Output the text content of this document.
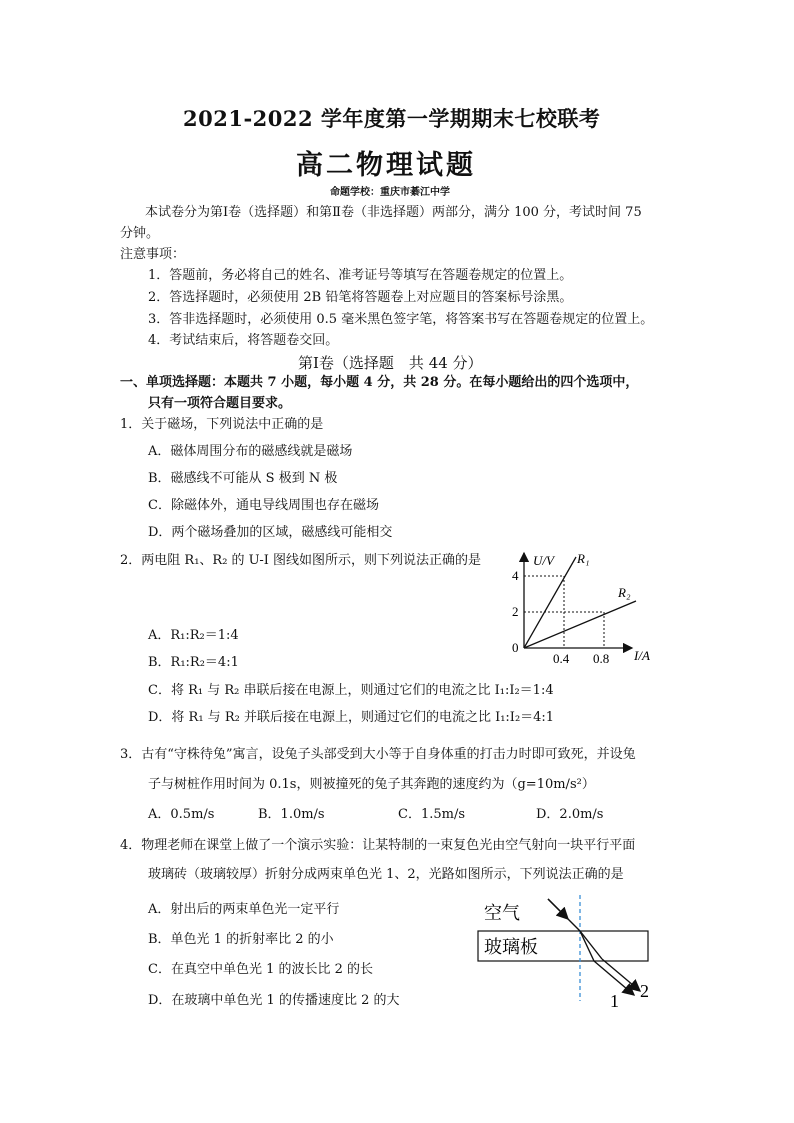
2021-2022 学年度第一学期期末七校联考
高二物理试题
命题学校：重庆市綦江中学
本试卷分为第Ⅰ卷（选择题）和第Ⅱ卷（非选择题）两部分，满分 100 分，考试时间 75
分钟。
注意事项：
1．答题前，务必将自己的姓名、准考证号等填写在答题卷规定的位置上。
2．答选择题时，必须使用 2B 铅笔将答题卷上对应题目的答案标号涂黑。
3．答非选择题时，必须使用 0.5 毫米黑色签字笔，将答案书写在答题卷规定的位置上。
4．考试结束后，将答题卷交回。
第Ⅰ卷（选择题　共 44 分）
一、单项选择题：本题共 7 小题，每小题 4 分，共 28 分。在每小题给出的四个选项中，
只有一项符合题目要求。
1．关于磁场，下列说法中正确的是
A．磁体周围分布的磁感线就是磁场
B．磁感线不可能从 S 极到 N 极
C．除磁体外，通电导线周围也存在磁场
D．两个磁场叠加的区域，磁感线可能相交
2．两电阻 R₁、R₂ 的 U-I 图线如图所示，则下列说法正确的是
A．R₁:R₂＝1:4
B．R₁:R₂＝4:1
C．将 R₁ 与 R₂ 串联后接在电源上，则通过它们的电流之比 I₁:I₂＝1:4
D．将 R₁ 与 R₂ 并联后接在电源上，则通过它们的电流之比 I₁:I₂＝4:1
U/V
I/A
0
4
2
0.4 0.8
R₁
R₂
3．古有“守株待兔”寓言，设兔子头部受到大小等于自身体重的打击力时即可致死，并设兔
子与树桩作用时间为 0.1s，则被撞死的兔子其奔跑的速度约为（g=10m/s²）
A．0.5m/s	B．1.0m/s	C．1.5m/s	D．2.0m/s
4．物理老师在课堂上做了一个演示实验：让某特制的一束复色光由空气射向一块平行平面
玻璃砖（玻璃较厚）折射分成两束单色光 1、2，光路如图所示，下列说法正确的是
A．射出后的两束单色光一定平行
B．单色光 1 的折射率比 2 的小
C．在真空中单色光 1 的波长比 2 的长
D．在玻璃中单色光 1 的传播速度比 2 的大
空气
玻璃板
1 2
